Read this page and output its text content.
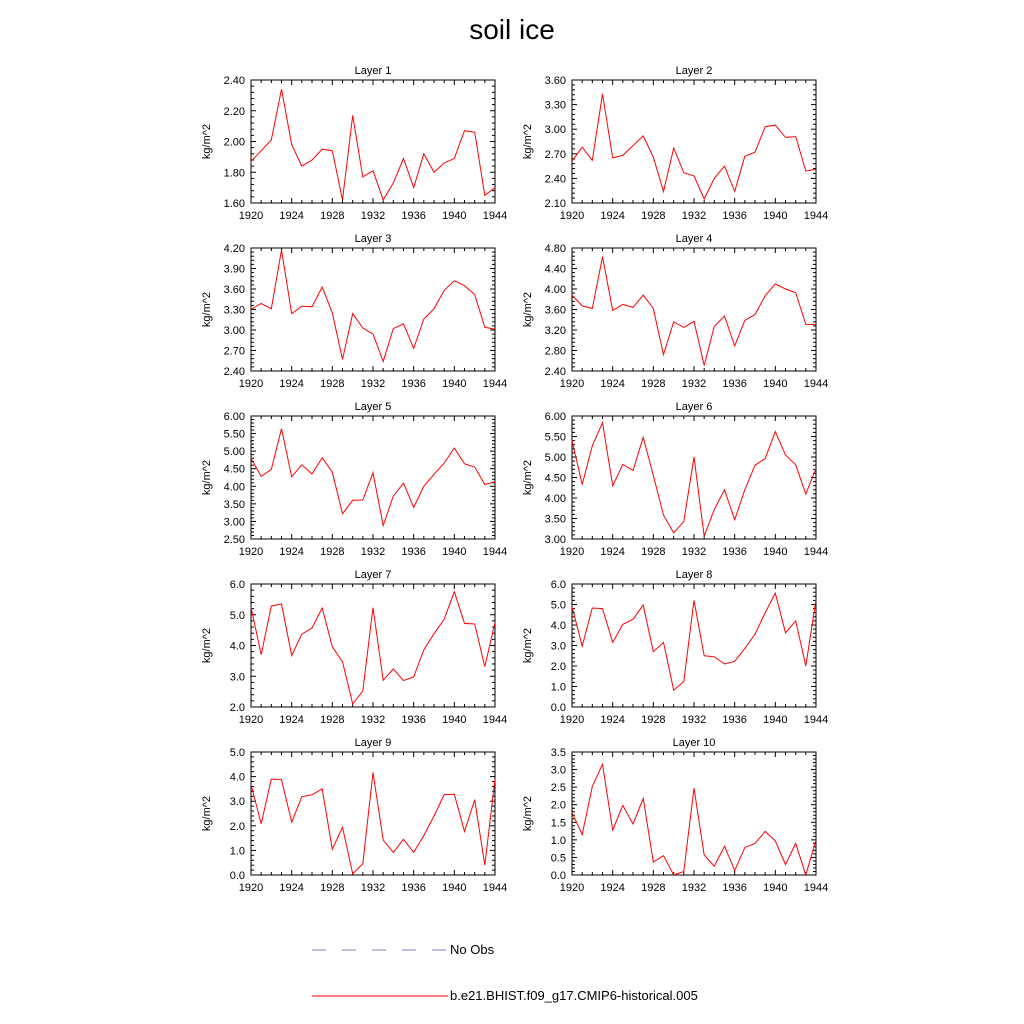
soil ice
Layer 1
kg/m^2
1920 1924 1928 1932 1936 1940 1944
1.60
1.80
2.00
2.20
2.40
Layer 2
kg/m^2
1920 1924 1928 1932 1936 1940 1944
2.10
2.40
2.70
3.00
3.30
3.60
Layer 3
kg/m^2
1920 1924 1928 1932 1936 1940 1944
2.40
2.70
3.00
3.30
3.60
3.90
4.20
Layer 4
kg/m^2
1920 1924 1928 1932 1936 1940 1944
2.40
2.80
3.20
3.60
4.00
4.40
4.80
Layer 5
kg/m^2
1920 1924 1928 1932 1936 1940 1944
2.50
3.00
3.50
4.00
4.50
5.00
5.50
6.00
Layer 6
kg/m^2
1920 1924 1928 1932 1936 1940 1944
3.00
3.50
4.00
4.50
5.00
5.50
6.00
Layer 7
kg/m^2
1920 1924 1928 1932 1936 1940 1944
2.0
3.0
4.0
5.0
6.0
Layer 8
kg/m^2
1920 1924 1928 1932 1936 1940 1944
0.0
1.0
2.0
3.0
4.0
5.0
6.0
Layer 9
kg/m^2
1920 1924 1928 1932 1936 1940 1944
0.0
1.0
2.0
3.0
4.0
5.0
Layer 10
kg/m^2
1920 1924 1928 1932 1936 1940 1944
0.0
0.5
1.0
1.5
2.0
2.5
3.0
3.5
No Obs
b.e21.BHIST.f09_g17.CMIP6-historical.005
